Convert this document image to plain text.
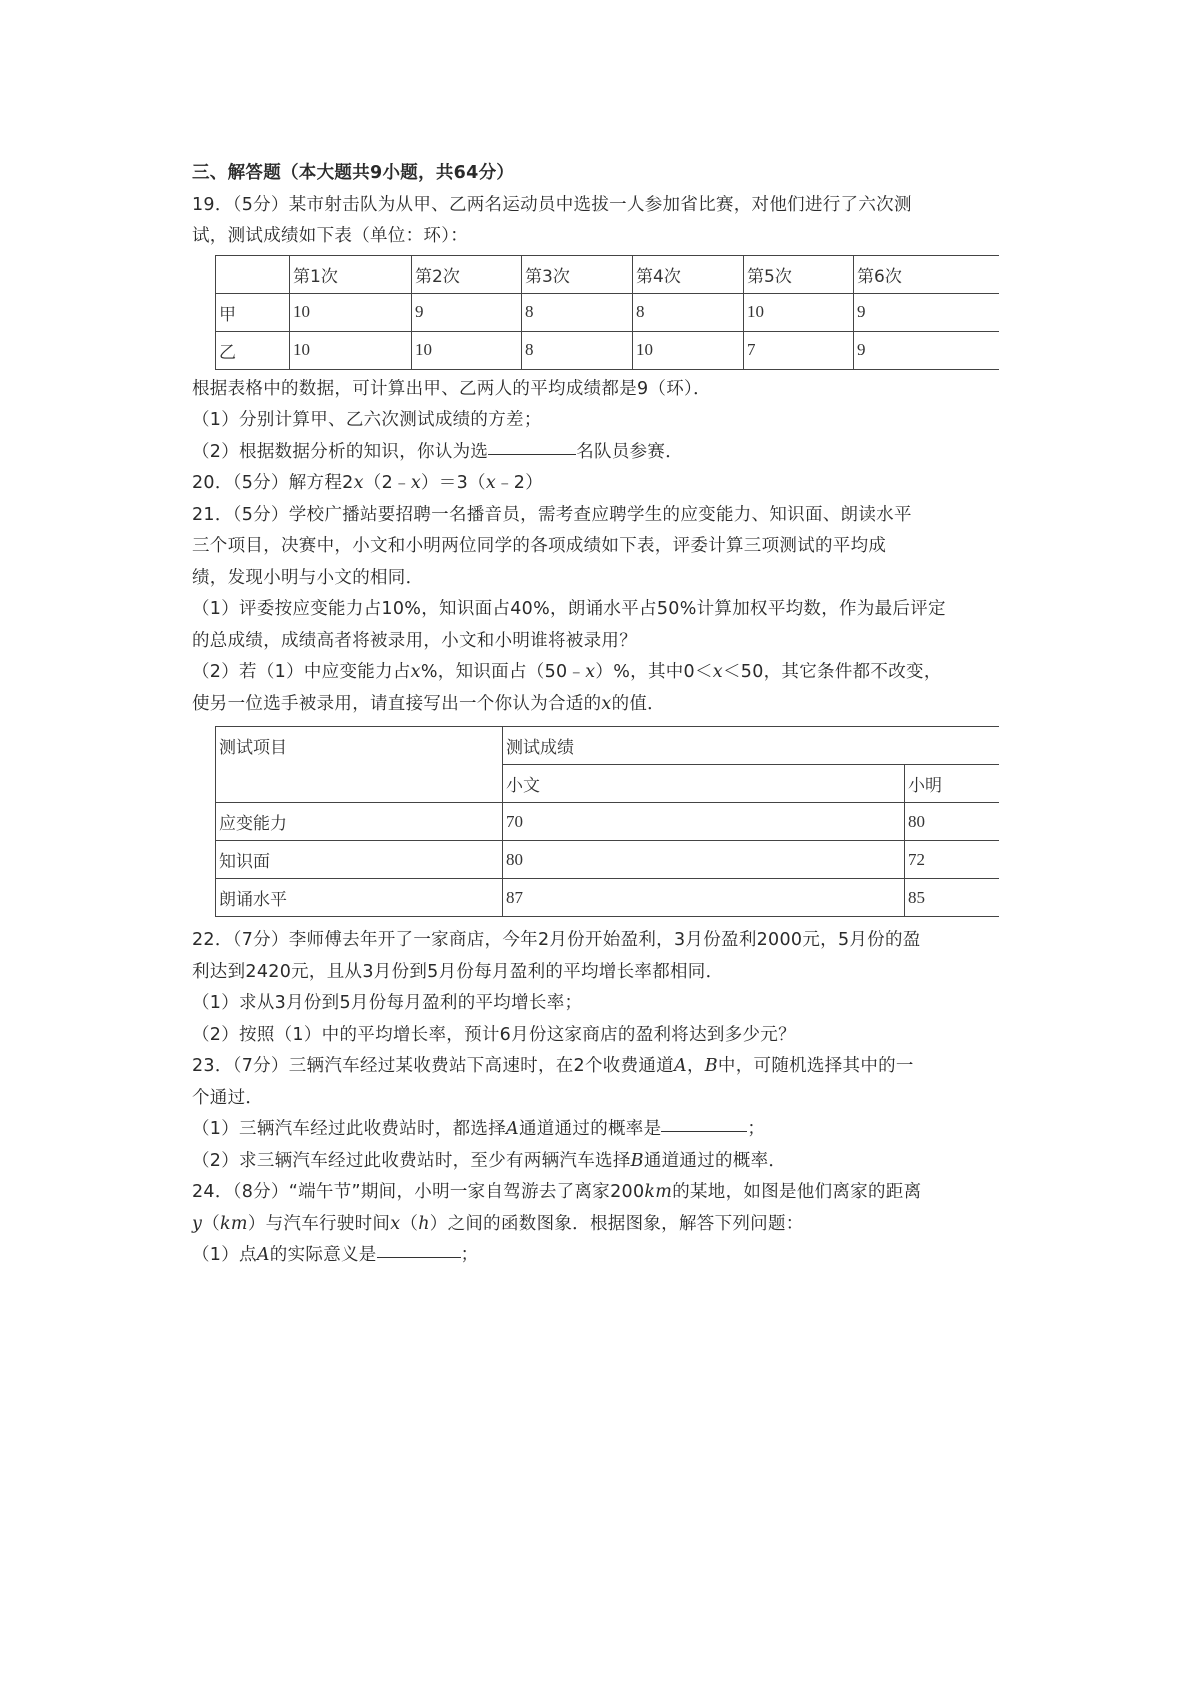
三、解答题（本大题共9小题，共64分）
19．（5分）某市射击队为从甲、乙两名运动员中选拔一人参加省比赛，对他们进行了六次测
试，测试成绩如下表（单位：环）：
	第1次	第2次	第3次	第4次	第5次	第6次
甲	10	9	8	8	10	9
乙	10	10	8	10	7	9
根据表格中的数据，可计算出甲、乙两人的平均成绩都是9（环）．
（1）分别计算甲、乙六次测试成绩的方差；
（2）根据数据分析的知识，你认为选	名队员参赛．
20．（5分）解方程2x（2﹣x）＝3（x﹣2）
21．（5分）学校广播站要招聘一名播音员，需考查应聘学生的应变能力、知识面、朗读水平
三个项目，决赛中，小文和小明两位同学的各项成绩如下表，评委计算三项测试的平均成
绩，发现小明与小文的相同．
（1）评委按应变能力占10%，知识面占40%，朗诵水平占50%计算加权平均数，作为最后评定
的总成绩，成绩高者将被录用，小文和小明谁将被录用？
（2）若（1）中应变能力占x%，知识面占（50﹣x）%，其中0＜x＜50，其它条件都不改变，
使另一位选手被录用，请直接写出一个你认为合适的x的值．
测试项目	测试成绩	
	小文	小明
应变能力	70	80
知识面	80	72
朗诵水平	87	85
22．（7分）李师傅去年开了一家商店，今年2月份开始盈利，3月份盈利2000元，5月份的盈
利达到2420元，且从3月份到5月份每月盈利的平均增长率都相同．
（1）求从3月份到5月份每月盈利的平均增长率；
（2）按照（1）中的平均增长率，预计6月份这家商店的盈利将达到多少元？
23．（7分）三辆汽车经过某收费站下高速时，在2个收费通道A，B中，可随机选择其中的一
个通过．
（1）三辆汽车经过此收费站时，都选择A通道通过的概率是	；
（2）求三辆汽车经过此收费站时，至少有两辆汽车选择B通道通过的概率．
24．（8分）“端午节”期间，小明一家自驾游去了离家200km的某地，如图是他们离家的距离
y（km）与汽车行驶时间x（h）之间的函数图象．根据图象，解答下列问题：
（1）点A的实际意义是	；
